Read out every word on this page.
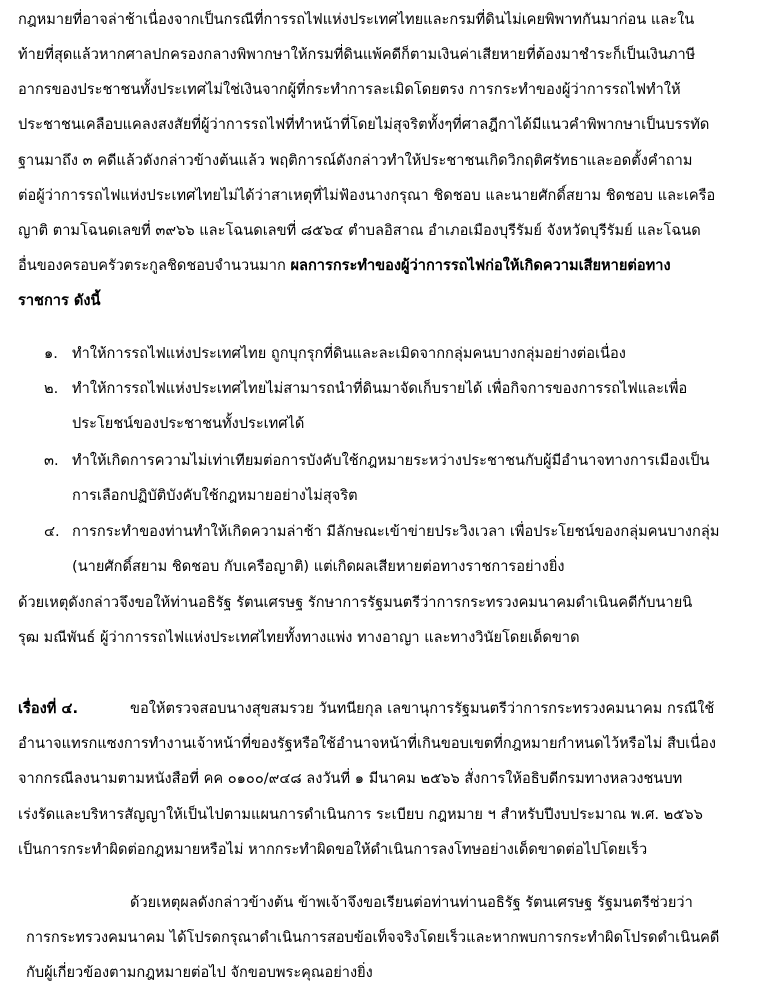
กฎหมายที่อาจล่าช้าเนื่องจากเป็นกรณีที่การรถไฟแห่งประเทศไทยและกรมที่ดินไม่เคยพิพาทกันมาก่อน และใน
ท้ายที่สุดแล้วหากศาลปกครองกลางพิพากษาให้กรมที่ดินแพ้คดีก็ตามเงินค่าเสียหายที่ต้องมาชำระก็เป็นเงินภาษี
อากรของประชาชนทั้งประเทศไม่ใช่เงินจากผู้ที่กระทำการละเมิดโดยตรง การกระทำของผู้ว่าการรถไฟทำให้
ประชาชนเคลือบแคลงสงสัยที่ผู้ว่าการรถไฟที่ทำหน้าที่โดยไม่สุจริตทั้งๆที่ศาลฎีกาได้มีแนวคำพิพากษาเป็นบรรทัด
ฐานมาถึง ๓ คดีแล้วดังกล่าวข้างต้นแล้ว พฤติการณ์ดังกล่าวทำให้ประชาชนเกิดวิกฤติศรัทธาและอดตั้งคำถาม
ต่อผู้ว่าการรถไฟแห่งประเทศไทยไม่ได้ว่าสาเหตุที่ไม่ฟ้องนางกรุณา ชิดชอบ และนายศักดิ์สยาม ชิดชอบ และเครือ
ญาติ ตามโฉนดเลขที่ ๓๙๖๖ และโฉนดเลขที่ ๘๕๖๔ ตำบลอิสาณ อำเภอเมืองบุรีรัมย์ จังหวัดบุรีรัมย์ และโฉนด
อื่นของครอบครัวตระกูลชิดชอบจำนวนมาก ผลการกระทำของผู้ว่าการรถไฟก่อให้เกิดความเสียหายต่อทาง
ราชการ ดังนี้
๑. ทำให้การรถไฟแห่งประเทศไทย ถูกบุกรุกที่ดินและละเมิดจากกลุ่มคนบางกลุ่มอย่างต่อเนื่อง
๒. ทำให้การรถไฟแห่งประเทศไทยไม่สามารถนำที่ดินมาจัดเก็บรายได้ เพื่อกิจการของการรถไฟและเพื่อ
ประโยชน์ของประชาชนทั้งประเทศได้
๓. ทำให้เกิดการความไม่เท่าเทียมต่อการบังคับใช้กฎหมายระหว่างประชาชนกับผู้มีอำนาจทางการเมืองเป็น
การเลือกปฏิบัติบังคับใช้กฎหมายอย่างไม่สุจริต
๔. การกระทำของท่านทำให้เกิดความล่าช้า มีลักษณะเข้าข่ายประวิงเวลา เพื่อประโยชน์ของกลุ่มคนบางกลุ่ม
(นายศักดิ์สยาม ชิดชอบ กับเครือญาติ) แต่เกิดผลเสียหายต่อทางราชการอย่างยิ่ง
ด้วยเหตุดังกล่าวจึงขอให้ท่านอธิรัฐ รัตนเศรษฐ รักษาการรัฐมนตรีว่าการกระทรวงคมนาคมดำเนินคดีกับนายนิ
รุฒ มณีพันธ์ ผู้ว่าการรถไฟแห่งประเทศไทยทั้งทางแพ่ง ทางอาญา และทางวินัยโดยเด็ดขาด
เรื่องที่ ๔.	ขอให้ตรวจสอบนางสุขสมรวย วันทนียกุล เลขานุการรัฐมนตรีว่าการกระทรวงคมนาคม กรณีใช้
อำนาจแทรกแซงการทำงานเจ้าหน้าที่ของรัฐหรือใช้อำนาจหน้าที่เกินขอบเขตที่กฎหมายกำหนดไว้หรือไม่ สืบเนื่อง
จากกรณีลงนามตามหนังสือที่ คค ๐๑๐๐/๙๔๘ ลงวันที่ ๑ มีนาคม ๒๕๖๖ สั่งการให้อธิบดีกรมทางหลวงชนบท
เร่งรัดและบริหารสัญญาให้เป็นไปตามแผนการดำเนินการ ระเบียบ กฎหมาย ฯ สำหรับปีงบประมาณ พ.ศ. ๒๕๖๖
เป็นการกระทำผิดต่อกฎหมายหรือไม่ หากกระทำผิดขอให้ดำเนินการลงโทษอย่างเด็ดขาดต่อไปโดยเร็ว
ด้วยเหตุผลดังกล่าวข้างต้น ข้าพเจ้าจึงขอเรียนต่อท่านท่านอธิรัฐ รัตนเศรษฐ รัฐมนตรีช่วยว่า
การกระทรวงคมนาคม ได้โปรดกรุณาดำเนินการสอบข้อเท็จจริงโดยเร็วและหากพบการกระทำผิดโปรดดำเนินคดี
กับผู้เกี่ยวข้องตามกฎหมายต่อไป จักขอบพระคุณอย่างยิ่ง
